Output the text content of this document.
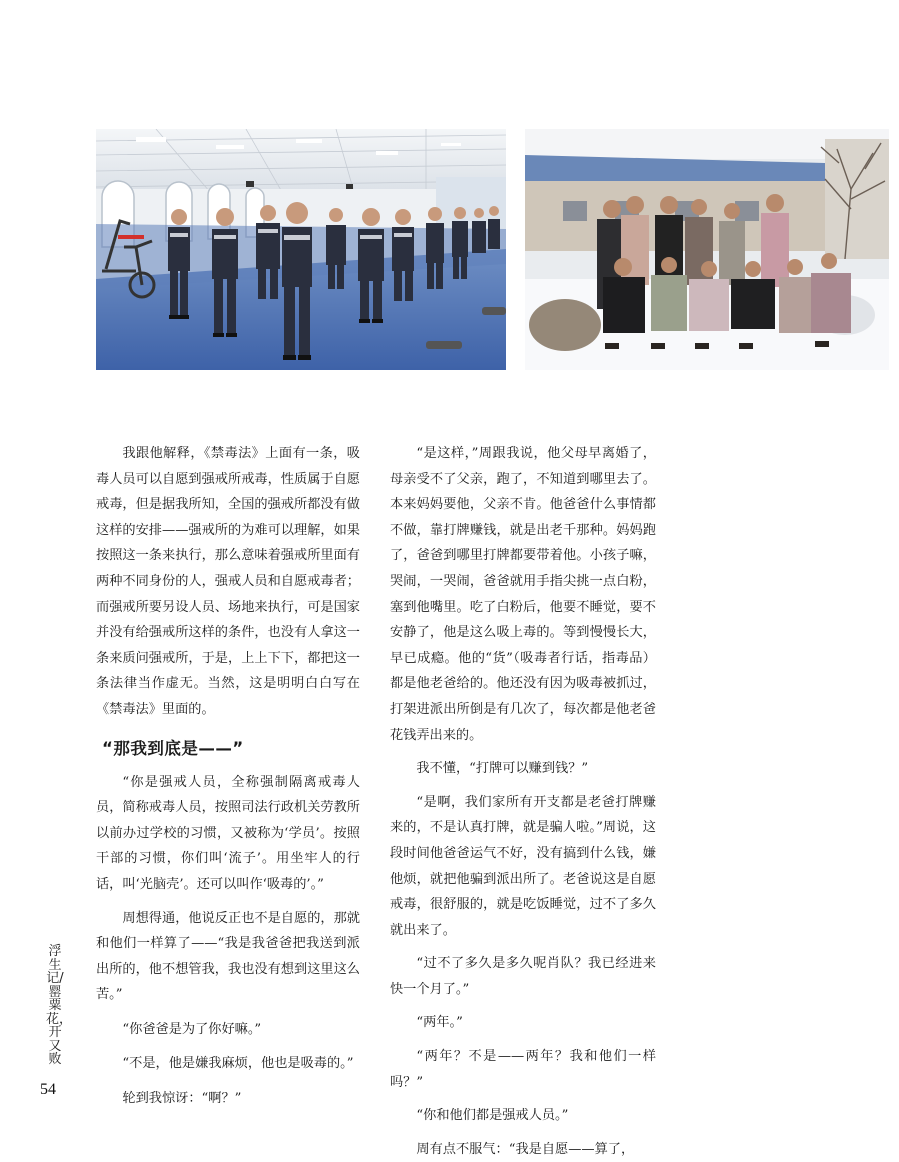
我跟他解释，《禁毒法》上面有一条，吸毒人员可以自愿到强戒所戒毒，性质属于自愿戒毒，但是据我所知，全国的强戒所都没有做这样的安排——强戒所的为难可以理解，如果按照这一条来执行，那么意味着强戒所里面有两种不同身份的人，强戒人员和自愿戒毒者；而强戒所要另设人员、场地来执行，可是国家并没有给强戒所这样的条件，也没有人拿这一条来质问强戒所，于是，上上下下，都把这一条法律当作虚无。当然，这是明明白白写在《禁毒法》里面的。

“那我到底是——”

“你是强戒人员，全称强制隔离戒毒人员，简称戒毒人员，按照司法行政机关劳教所以前办过学校的习惯，又被称为‘学员’。按照干部的习惯，你们叫‘流子’。用坐牢人的行话，叫‘光脑壳’。还可以叫作‘吸毒的’。”

周想得通，他说反正也不是自愿的，那就和他们一样算了——“我是我爸爸把我送到派出所的，他不想管我，我也没有想到这里这么苦。”

“你爸爸是为了你好嘛。”

“不是，他是嫌我麻烦，他也是吸毒的。”

轮到我惊讶：“啊？”

“是这样，”周跟我说，他父母早离婚了，母亲受不了父亲，跑了，不知道到哪里去了。本来妈妈要他，父亲不肯。他爸爸什么事情都不做，靠打牌赚钱，就是出老千那种。妈妈跑了，爸爸到哪里打牌都要带着他。小孩子嘛，哭闹，一哭闹，爸爸就用手指尖挑一点白粉，塞到他嘴里。吃了白粉后，他要不睡觉，要不安静了，他是这么吸上毒的。等到慢慢长大，早已成瘾。他的“货”（吸毒者行话，指毒品）都是他老爸给的。他还没有因为吸毒被抓过，打架进派出所倒是有几次了，每次都是他老爸花钱弄出来的。

我不懂，“打牌可以赚到钱？”

“是啊，我们家所有开支都是老爸打牌赚来的，不是认真打牌，就是骗人啦。”周说，这段时间他爸爸运气不好，没有搞到什么钱，嫌他烦，就把他骗到派出所了。老爸说这是自愿戒毒，很舒服的，就是吃饭睡觉，过不了多久就出来了。

“过不了多久是多久呢肖队？我已经进来快一个月了。”

“两年。”

“两年？不是——两年？我和他们一样吗？”

“你和他们都是强戒人员。”

周有点不服气：“我是自愿——算了，

浮生记/罂粟花，开又败
54
